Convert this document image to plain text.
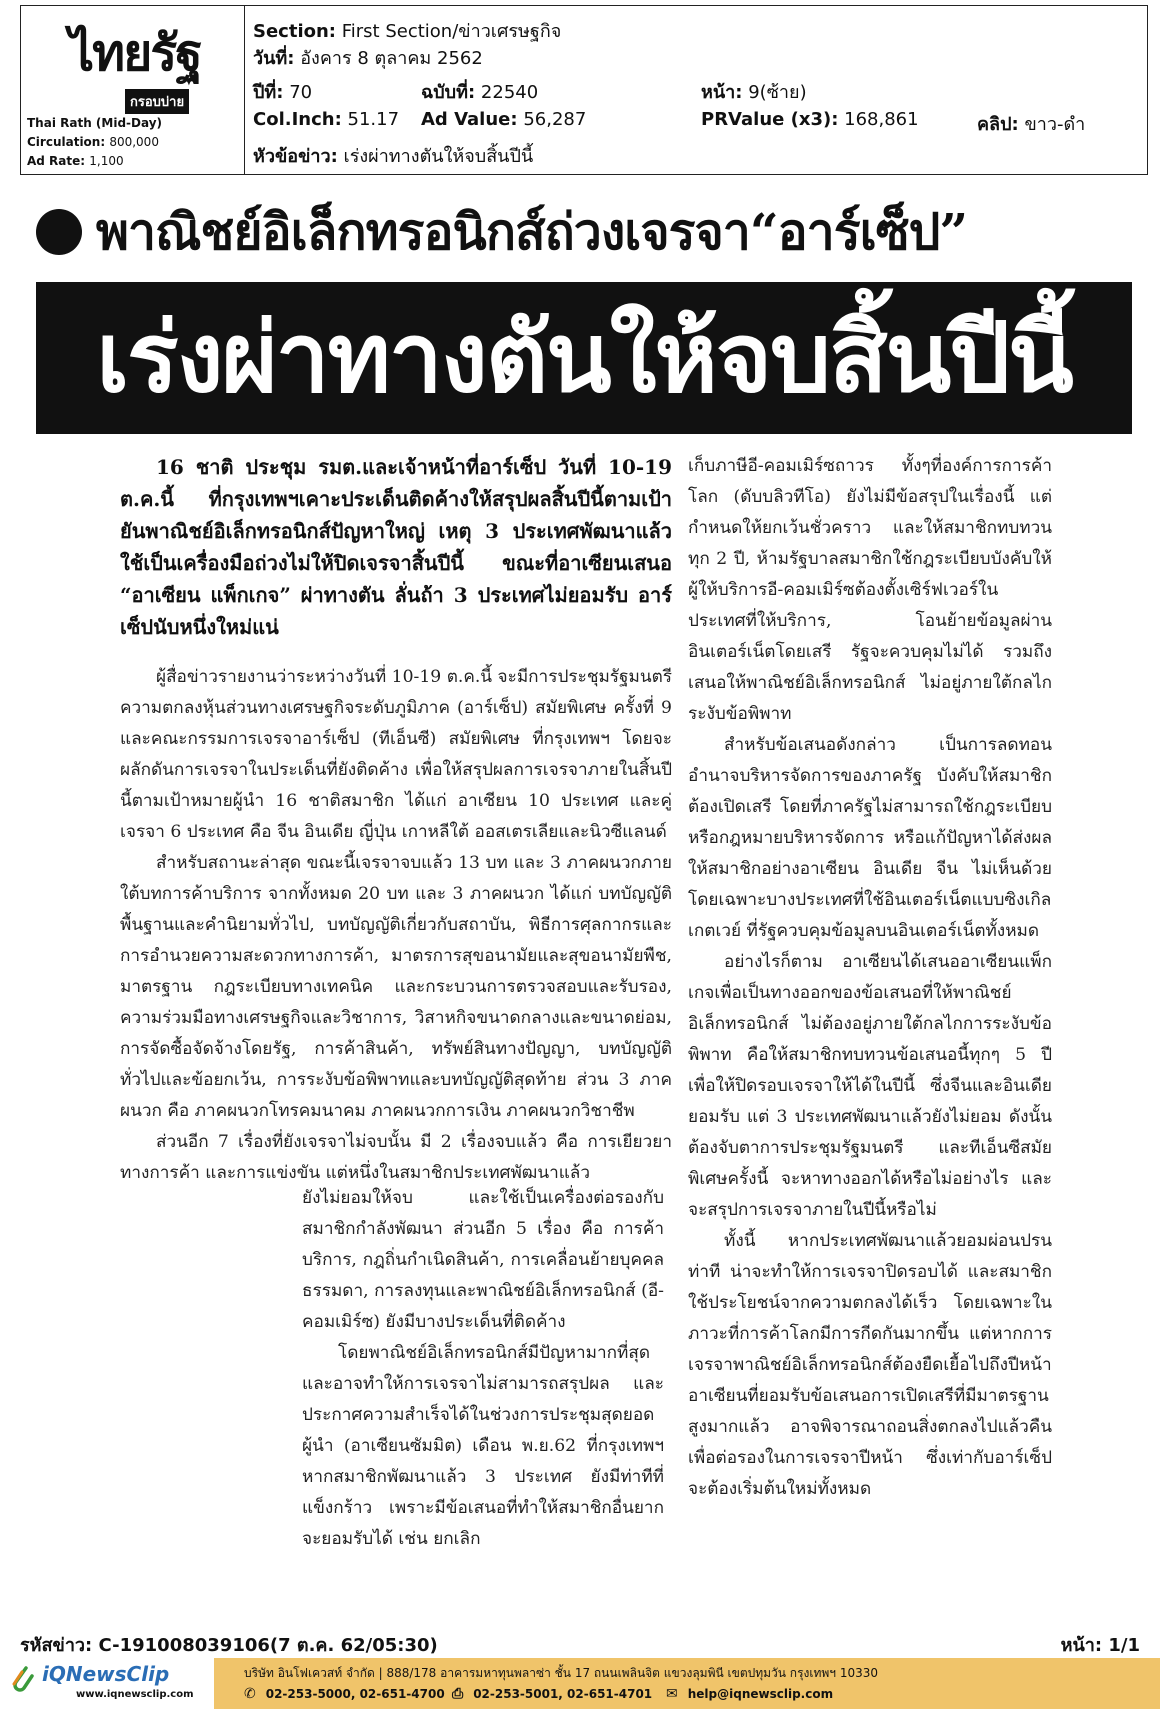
ไทยรัฐ
กรอบบ่าย
Thai Rath (Mid-Day)
Circulation: 800,000
Ad Rate: 1,100
Section: First Section/ข่าวเศรษฐกิจ
วันที่: อังคาร 8 ตุลาคม 2562
ปีที่: 70	ฉบับที่: 22540	หน้า: 9(ซ้าย)
Col.Inch: 51.17 Ad Value: 56,287	PRValue (x3): 168,861	คลิป: ขาว-ดำ
หัวข้อข่าว: เร่งผ่าทางตันให้จบสิ้นปีนี้
พาณิชย์อิเล็กทรอนิกส์ถ่วงเจรจา“อาร์เซ็ป”
เร่งผ่าทางตันให้จบสิ้นปีนี้

16 ชาติ ประชุม รมต.และเจ้าหน้าที่อาร์เซ็ป วันที่ 10-19 ต.ค.นี้ ที่กรุงเทพฯเคาะประเด็นติดค้างให้สรุปผลสิ้นปีนี้ตามเป้า ยันพาณิชย์อิเล็กทรอนิกส์ปัญหาใหญ่ เหตุ 3 ประเทศพัฒนาแล้วใช้เป็นเครื่องมือถ่วงไม่ให้ปิดเจรจาสิ้นปีนี้ ขณะที่อาเซียนเสนอ “อาเซียน แพ็กเกจ” ผ่าทางตัน ลั่นถ้า 3 ประเทศไม่ยอมรับ อาร์เซ็ปนับหนึ่งใหม่แน่

ผู้สื่อข่าวรายงานว่าระหว่างวันที่ 10-19 ต.ค.นี้ จะมีการประชุมรัฐมนตรีความตกลงหุ้นส่วนทางเศรษฐกิจระดับภูมิภาค (อาร์เซ็ป) สมัยพิเศษ ครั้งที่ 9 และคณะกรรมการเจรจาอาร์เซ็ป (ทีเอ็นซี) สมัยพิเศษ ที่กรุงเทพฯ โดยจะผลักดันการเจรจาในประเด็นที่ยังติดค้าง เพื่อให้สรุปผลการเจรจาภายในสิ้นปีนี้ตามเป้าหมายผู้นำ 16 ชาติสมาชิก ได้แก่ อาเซียน 10 ประเทศ และคู่เจรจา 6 ประเทศ คือ จีน อินเดีย ญี่ปุ่น เกาหลีใต้ ออสเตรเลียและนิวซีแลนด์

สำหรับสถานะล่าสุด ขณะนี้เจรจาจบแล้ว 13 บท และ 3 ภาคผนวกภายใต้บทการค้าบริการ จากทั้งหมด 20 บท และ 3 ภาคผนวก ได้แก่ บทบัญญัติพื้นฐานและคำนิยามทั่วไป, บทบัญญัติเกี่ยวกับสถาบัน, พิธีการศุลกากรและการอำนวยความสะดวกทางการค้า, มาตรการสุขอนามัยและสุขอนามัยพืช, มาตรฐาน กฎระเบียบทางเทคนิค และกระบวนการตรวจสอบและรับรอง, ความร่วมมือทางเศรษฐกิจและวิชาการ, วิสาหกิจขนาดกลางและขนาดย่อม, การจัดซื้อจัดจ้างโดยรัฐ, การค้าสินค้า, ทรัพย์สินทางปัญญา, บทบัญญัติทั่วไปและข้อยกเว้น, การระงับข้อพิพาทและบทบัญญัติสุดท้าย ส่วน 3 ภาคผนวก คือ ภาคผนวกโทรคมนาคม ภาคผนวกการเงิน ภาคผนวกวิชาชีพ

ส่วนอีก 7 เรื่องที่ยังเจรจาไม่จบนั้น มี 2 เรื่องจบแล้ว คือ การเยียวยาทางการค้า และการแข่งขัน แต่หนึ่งในสมาชิกประเทศพัฒนาแล้ว

ยังไม่ยอมให้จบ และใช้เป็นเครื่องต่อรองกับสมาชิกกำลังพัฒนา ส่วนอีก 5 เรื่อง คือ การค้าบริการ, กฎถิ่นกำเนิดสินค้า, การเคลื่อนย้ายบุคคลธรรมดา, การลงทุนและพาณิชย์อิเล็กทรอนิกส์ (อี-คอมเมิร์ซ) ยังมีบางประเด็นที่ติดค้าง

โดยพาณิชย์อิเล็กทรอนิกส์มีปัญหามากที่สุด และอาจทำให้การเจรจาไม่สามารถสรุปผล และประกาศความสำเร็จได้ในช่วงการประชุมสุดยอดผู้นำ (อาเซียนซัมมิต) เดือน พ.ย.62 ที่กรุงเทพฯ หากสมาชิกพัฒนาแล้ว 3 ประเทศ ยังมีท่าทีที่แข็งกร้าว เพราะมีข้อเสนอที่ทำให้สมาชิกอื่นยากจะยอมรับได้ เช่น ยกเลิก

เก็บภาษีอี-คอมเมิร์ซถาวร ทั้งๆที่องค์การการค้าโลก (ดับบลิวทีโอ) ยังไม่มีข้อสรุปในเรื่องนี้ แต่กำหนดให้ยกเว้นชั่วคราว และให้สมาชิกทบทวนทุก 2 ปี, ห้ามรัฐบาลสมาชิกใช้กฎระเบียบบังคับให้ผู้ให้บริการอี-คอมเมิร์ซต้องตั้งเซิร์ฟเวอร์ในประเทศที่ให้บริการ, โอนย้ายข้อมูลผ่านอินเตอร์เน็ตโดยเสรี รัฐจะควบคุมไม่ได้ รวมถึงเสนอให้พาณิชย์อิเล็กทรอนิกส์ ไม่อยู่ภายใต้กลไกระงับข้อพิพาท

สำหรับข้อเสนอดังกล่าว เป็นการลดทอนอำนาจบริหารจัดการของภาครัฐ บังคับให้สมาชิกต้องเปิดเสรี โดยที่ภาครัฐไม่สามารถใช้กฎระเบียบหรือกฎหมายบริหารจัดการ หรือแก้ปัญหาได้ส่งผลให้สมาชิกอย่างอาเซียน อินเดีย จีน ไม่เห็นด้วย โดยเฉพาะบางประเทศที่ใช้อินเตอร์เน็ตแบบซิงเกิลเกตเวย์ ที่รัฐควบคุมข้อมูลบนอินเตอร์เน็ตทั้งหมด

อย่างไรก็ตาม อาเซียนได้เสนออาเซียนแพ็กเกจเพื่อเป็นทางออกของข้อเสนอที่ให้พาณิชย์อิเล็กทรอนิกส์ ไม่ต้องอยู่ภายใต้กลไกการระงับข้อพิพาท คือให้สมาชิกทบทวนข้อเสนอนี้ทุกๆ 5 ปี เพื่อให้ปิดรอบเจรจาให้ได้ในปีนี้ ซึ่งจีนและอินเดียยอมรับ แต่ 3 ประเทศพัฒนาแล้วยังไม่ยอม ดังนั้นต้องจับตาการประชุมรัฐมนตรี และทีเอ็นซีสมัยพิเศษครั้งนี้ จะหาทางออกได้หรือไม่อย่างไร และจะสรุปการเจรจาภายในปีนี้หรือไม่

ทั้งนี้ หากประเทศพัฒนาแล้วยอมผ่อนปรนท่าที น่าจะทำให้การเจรจาปิดรอบได้ และสมาชิกใช้ประโยชน์จากความตกลงได้เร็ว โดยเฉพาะในภาวะที่การค้าโลกมีการกีดกันมากขึ้น แต่หากการเจรจาพาณิชย์อิเล็กทรอนิกส์ต้องยืดเยื้อไปถึงปีหน้า อาเซียนที่ยอมรับข้อเสนอการเปิดเสรีที่มีมาตรฐานสูงมากแล้ว อาจพิจารณาถอนสิ่งตกลงไปแล้วคืน เพื่อต่อรองในการเจรจาปีหน้า ซึ่งเท่ากับอาร์เซ็ปจะต้องเริ่มต้นใหม่ทั้งหมด

รหัสข่าว: C-191008039106(7 ต.ค. 62/05:30)	หน้า: 1/1
iQNewsClip
www.iqnewsclip.com
บริษัท อินโฟเควสท์ จำกัด | 888/178 อาคารมหาทุนพลาซ่า ชั้น 17 ถนนเพลินจิต แขวงลุมพินี เขตปทุมวัน กรุงเทพฯ 10330
✆ 02-253-5000, 02-651-4700 ⎙ 02-253-5001, 02-651-4701 ✉ help@iqnewsclip.com
